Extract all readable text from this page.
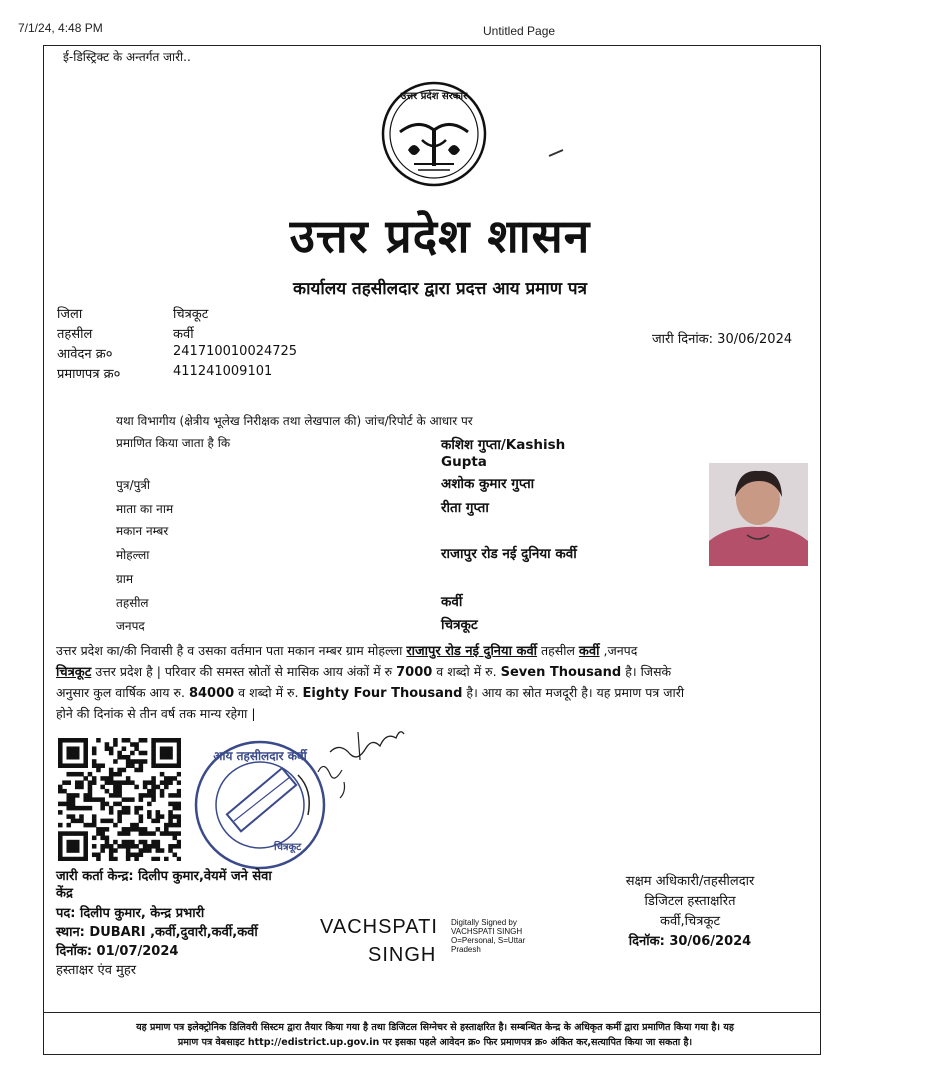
7/1/24, 4:48 PM	Untitled Page
ई-डिस्ट्रिक्ट के अन्तर्गत जारी..
उत्तर प्रदेश सरकार
उत्तर प्रदेश शासन
कार्यालय तहसीलदार द्वारा प्रदत्त आय प्रमाण पत्र
जिला	चित्रकूट
तहसील	कर्वी
आवेदन क्र०	241710010024725
प्रमाणपत्र क्र०	411241009101
जारी दिनांक: 30/06/2024
यथा विभागीय (क्षेत्रीय भूलेख निरीक्षक तथा लेखपाल की) जांच/रिपोर्ट के आधार पर
प्रमाणित किया जाता है कि	कशिश गुप्ता/Kashish
Gupta
पुत्र/पुत्री	अशोक कुमार गुप्ता
माता का नाम	रीता गुप्ता
मकान नम्बर
मोहल्ला	राजापुर रोड नई दुनिया कर्वी
ग्राम
तहसील	कर्वी
जनपद	चित्रकूट
उत्तर प्रदेश का/की निवासी है व उसका वर्तमान पता मकान नम्बर ग्राम मोहल्ला राजापुर रोड नई दुनिया कर्वी तहसील कर्वी ,जनपद
चित्रकूट उत्तर प्रदेश है | परिवार की समस्त स्रोतों से मासिक आय अंकों में रु 7000 व शब्दो में रु. Seven Thousand है। जिसके
अनुसार कुल वार्षिक आय रु. 84000 व शब्दो में रु. Eighty Four Thousand है। आय का स्रोत मजदूरी है। यह प्रमाण पत्र जारी
होने की दिनांक से तीन वर्ष तक मान्य रहेगा |
आय तहसीलदार कर्वी
चित्रकूट
जारी कर्ता केन्द्र: दिलीप कुमार,वेयमें जने सेवा
केंद्र
पद: दिलीप कुमार, केन्द्र प्रभारी
स्थान: DUBARI ,कर्वी,दुवारी,कर्वी,कर्वी
दिनॉक: 01/07/2024
हस्ताक्षर एंव मुहर
VACHSPATI
SINGH
Digitally Signed by
VACHSPATI SINGH
O=Personal, S=Uttar
Pradesh
सक्षम अधिकारी/तहसीलदार
डिजिटल हस्ताक्षरित
कर्वी,चित्रकूट
दिनॉक: 30/06/2024
यह प्रमाण पत्र इलेक्ट्रोनिक डिलिवरी सिस्टम द्वारा तैयार किया गया है तथा डिजिटल सिग्नेचर से हस्ताक्षरित है। सम्बन्धित केन्द्र के अधिकृत कर्मी द्वारा प्रमाणित किया गया है। यह
प्रमाण पत्र वेबसाइट http://edistrict.up.gov.in पर इसका पहले आवेदन क्र० फिर प्रमाणपत्र क्र० अंकित कर,सत्यापित किया जा सकता है।
